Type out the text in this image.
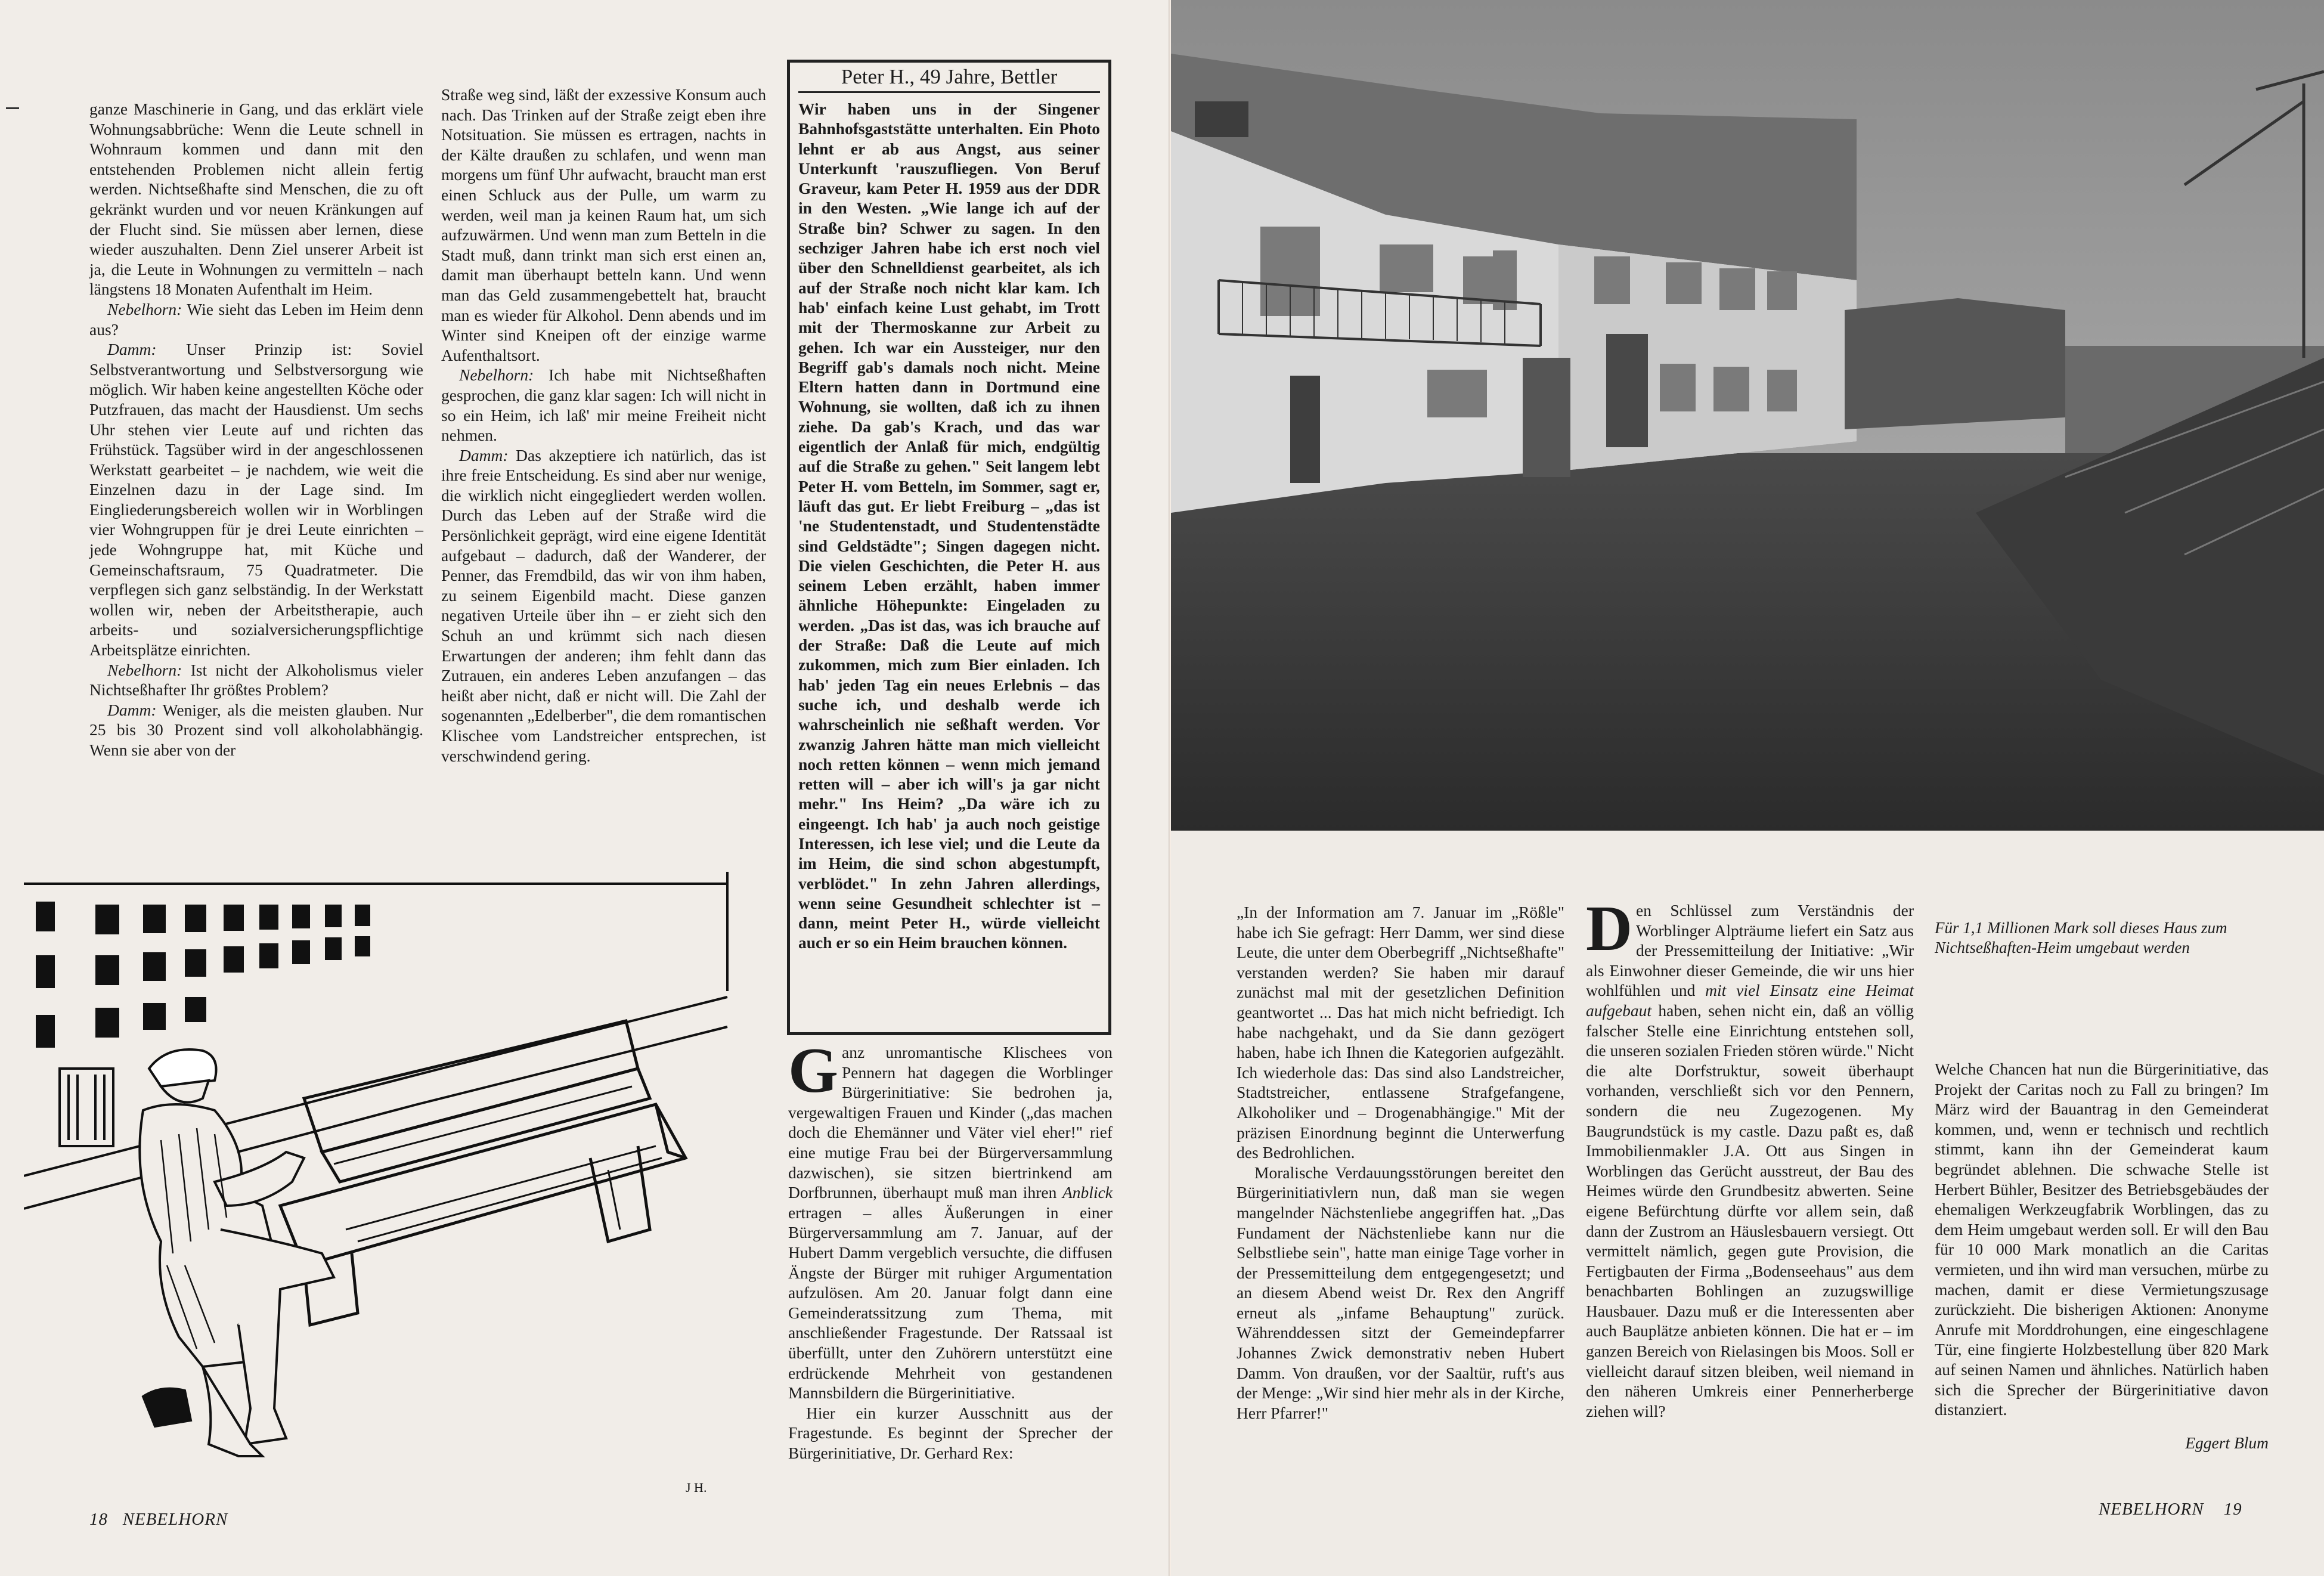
ganze Maschinerie in Gang, und das erklärt viele Wohnungsabbrüche: Wenn die Leute schnell in Wohnraum kommen und dann mit den entstehenden Problemen nicht allein fertig werden. Nichtseßhafte sind Menschen, die zu oft gekränkt wurden und vor neuen Kränkungen auf der Flucht sind. Sie müssen aber lernen, diese wieder auszuhalten. Denn Ziel unserer Arbeit ist ja, die Leute in Wohnungen zu vermitteln – nach längstens 18 Monaten Aufenthalt im Heim.

Nebelhorn: Wie sieht das Leben im Heim denn aus?

Damm: Unser Prinzip ist: Soviel Selbstverantwortung und Selbstversorgung wie möglich. Wir haben keine angestellten Köche oder Putzfrauen, das macht der Hausdienst. Um sechs Uhr stehen vier Leute auf und richten das Frühstück. Tagsüber wird in der angeschlossenen Werkstatt gearbeitet – je nachdem, wie weit die Einzelnen dazu in der Lage sind. Im Eingliederungsbereich wollen wir in Worblingen vier Wohngruppen für je drei Leute einrichten – jede Wohngruppe hat, mit Küche und Gemeinschaftsraum, 75 Quadratmeter. Die verpflegen sich ganz selbständig. In der Werkstatt wollen wir, neben der Arbeitstherapie, auch arbeits- und sozialversicherungspflichtige Arbeitsplätze einrichten.

Nebelhorn: Ist nicht der Alkoholismus vieler Nichtseßhafter Ihr größtes Problem?

Damm: Weniger, als die meisten glauben. Nur 25 bis 30 Prozent sind voll alkoholabhängig. Wenn sie aber von der

Straße weg sind, läßt der exzessive Konsum auch nach. Das Trinken auf der Straße zeigt eben ihre Notsituation. Sie müssen es ertragen, nachts in der Kälte draußen zu schlafen, und wenn man morgens um fünf Uhr aufwacht, braucht man erst einen Schluck aus der Pulle, um warm zu werden, weil man ja keinen Raum hat, um sich aufzuwärmen. Und wenn man zum Betteln in die Stadt muß, dann trinkt man sich erst einen an, damit man überhaupt betteln kann. Und wenn man das Geld zusammengebettelt hat, braucht man es wieder für Alkohol. Denn abends und im Winter sind Kneipen oft der einzige warme Aufenthaltsort.

Nebelhorn: Ich habe mit Nichtseßhaften gesprochen, die ganz klar sagen: Ich will nicht in so ein Heim, ich laß' mir meine Freiheit nicht nehmen.

Damm: Das akzeptiere ich natürlich, das ist ihre freie Entscheidung. Es sind aber nur wenige, die wirklich nicht eingegliedert werden wollen. Durch das Leben auf der Straße wird die Persönlichkeit geprägt, wird eine eigene Identität aufgebaut – dadurch, daß der Wanderer, der Penner, das Fremdbild, das wir von ihm haben, zu seinem Eigenbild macht. Diese ganzen negativen Urteile über ihn – er zieht sich den Schuh an und krümmt sich nach diesen Erwartungen der anderen; ihm fehlt dann das Zutrauen, ein anderes Leben anzufangen – das heißt aber nicht, daß er nicht will. Die Zahl der sogenannten „Edelberber", die dem romantischen Klischee vom Landstreicher entsprechen, ist verschwindend gering.

Peter H., 49 Jahre, Bettler

Wir haben uns in der Singener Bahnhofsgaststätte unterhalten. Ein Photo lehnt er ab aus Angst, aus seiner Unterkunft 'rauszufliegen. Von Beruf Graveur, kam Peter H. 1959 aus der DDR in den Westen. „Wie lange ich auf der Straße bin? Schwer zu sagen. In den sechziger Jahren habe ich erst noch viel über den Schnelldienst gearbeitet, als ich auf der Straße noch nicht klar kam. Ich hab' einfach keine Lust gehabt, im Trott mit der Thermoskanne zur Arbeit zu gehen. Ich war ein Aussteiger, nur den Begriff gab's damals noch nicht. Meine Eltern hatten dann in Dortmund eine Wohnung, sie wollten, daß ich zu ihnen ziehe. Da gab's Krach, und das war eigentlich der Anlaß für mich, endgültig auf die Straße zu gehen." Seit langem lebt Peter H. vom Betteln, im Sommer, sagt er, läuft das gut. Er liebt Freiburg – „das ist 'ne Studentenstadt, und Studentenstädte sind Geldstädte"; Singen dagegen nicht. Die vielen Geschichten, die Peter H. aus seinem Leben erzählt, haben immer ähnliche Höhepunkte: Eingeladen zu werden. „Das ist das, was ich brauche auf der Straße: Daß die Leute auf mich zukommen, mich zum Bier einladen. Ich hab' jeden Tag ein neues Erlebnis – das suche ich, und deshalb werde ich wahrscheinlich nie seßhaft werden. Vor zwanzig Jahren hätte man mich vielleicht noch retten können – wenn mich jemand retten will – aber ich will's ja gar nicht mehr." Ins Heim? „Da wäre ich zu eingeengt. Ich hab' ja auch noch geistige Interessen, ich lese viel; und die Leute da im Heim, die sind schon abgestumpft, verblödet." In zehn Jahren allerdings, wenn seine Gesundheit schlechter ist – dann, meint Peter H., würde vielleicht auch er so ein Heim brauchen können.

Ganz unromantische Klischees von Pennern hat dagegen die Worblinger Bürgerinitiative: Sie bedrohen ja, vergewaltigen Frauen und Kinder („das machen doch die Ehemänner und Väter viel eher!" rief eine mutige Frau bei der Bürgerversammlung dazwischen), sie sitzen biertrinkend am Dorfbrunnen, überhaupt muß man ihren Anblick ertragen – alles Äußerungen in einer Bürgerversammlung am 7. Januar, auf der Hubert Damm vergeblich versuchte, die diffusen Ängste der Bürger mit ruhiger Argumentation aufzulösen. Am 20. Januar folgt dann eine Gemeinderatssitzung zum Thema, mit anschließender Fragestunde. Der Ratssaal ist überfüllt, unter den Zuhörern unterstützt eine erdrückende Mehrheit von gestandenen Mannsbildern die Bürgerinitiative.

Hier ein kurzer Ausschnitt aus der Fragestunde. Es beginnt der Sprecher der Bürgerinitiative, Dr. Gerhard Rex:

J H.
18 NEBELHORN

„In der Information am 7. Januar im „Rößle" habe ich Sie gefragt: Herr Damm, wer sind diese Leute, die unter dem Oberbegriff „Nichtseßhafte" verstanden werden? Sie haben mir darauf zunächst mal mit der gesetzlichen Definition geantwortet ... Das hat mich nicht befriedigt. Ich habe nachgehakt, und da Sie dann gezögert haben, habe ich Ihnen die Kategorien aufgezählt. Ich wiederhole das: Das sind also Landstreicher, Stadtstreicher, entlassene Strafgefangene, Alkoholiker und – Drogenabhängige." Mit der präzisen Einordnung beginnt die Unterwerfung des Bedrohlichen.

Moralische Verdauungsstörungen bereitet den Bürgerinitiativlern nun, daß man sie wegen mangelnder Nächstenliebe angegriffen hat. „Das Fundament der Nächstenliebe kann nur die Selbstliebe sein", hatte man einige Tage vorher in der Pressemitteilung dem entgegengesetzt; und an diesem Abend weist Dr. Rex den Angriff erneut als „infame Behauptung" zurück. Währenddessen sitzt der Gemeindepfarrer Johannes Zwick demonstrativ neben Hubert Damm. Von draußen, vor der Saaltür, ruft's aus der Menge: „Wir sind hier mehr als in der Kirche, Herr Pfarrer!"

Den Schlüssel zum Verständnis der Worblinger Alpträume liefert ein Satz aus der Pressemitteilung der Initiative: „Wir als Einwohner dieser Gemeinde, die wir uns hier wohlfühlen und mit viel Einsatz eine Heimat aufgebaut haben, sehen nicht ein, daß an völlig falscher Stelle eine Einrichtung entstehen soll, die unseren sozialen Frieden stören würde." Nicht die alte Dorfstruktur, soweit überhaupt vorhanden, verschließt sich vor den Pennern, sondern die neu Zugezogenen. My Baugrundstück is my castle. Dazu paßt es, daß Immobilienmakler J.A. Ott aus Singen in Worblingen das Gerücht ausstreut, der Bau des Heimes würde den Grundbesitz abwerten. Seine eigene Befürchtung dürfte vor allem sein, daß dann der Zustrom an Häuslesbauern versiegt. Ott vermittelt nämlich, gegen gute Provision, die Fertigbauten der Firma „Bodenseehaus" aus dem benachbarten Bohlingen an zuzugswillige Hausbauer. Dazu muß er die Interessenten aber auch Bauplätze anbieten können. Die hat er – im ganzen Bereich von Rielasingen bis Moos. Soll er vielleicht darauf sitzen bleiben, weil niemand in den näheren Umkreis einer Pennerherberge ziehen will?

Für 1,1 Millionen Mark soll dieses Haus zum Nichtseßhaften-Heim umgebaut werden

Welche Chancen hat nun die Bürgerinitiative, das Projekt der Caritas noch zu Fall zu bringen? Im März wird der Bauantrag in den Gemeinderat kommen, und, wenn er technisch und rechtlich stimmt, kann ihn der Gemeinderat kaum begründet ablehnen. Die schwache Stelle ist Herbert Bühler, Besitzer des Betriebsgebäudes der ehemaligen Werkzeugfabrik Worblingen, das zu dem Heim umgebaut werden soll. Er will den Bau für 10 000 Mark monatlich an die Caritas vermieten, und ihn wird man versuchen, mürbe zu machen, damit er diese Vermietungszusage zurückzieht. Die bisherigen Aktionen: Anonyme Anrufe mit Morddrohungen, eine eingeschlagene Tür, eine fingierte Holzbestellung über 820 Mark auf seinen Namen und ähnliches. Natürlich haben sich die Sprecher der Bürgerinitiative davon distanziert.

Eggert Blum

NEBELHORN 19
